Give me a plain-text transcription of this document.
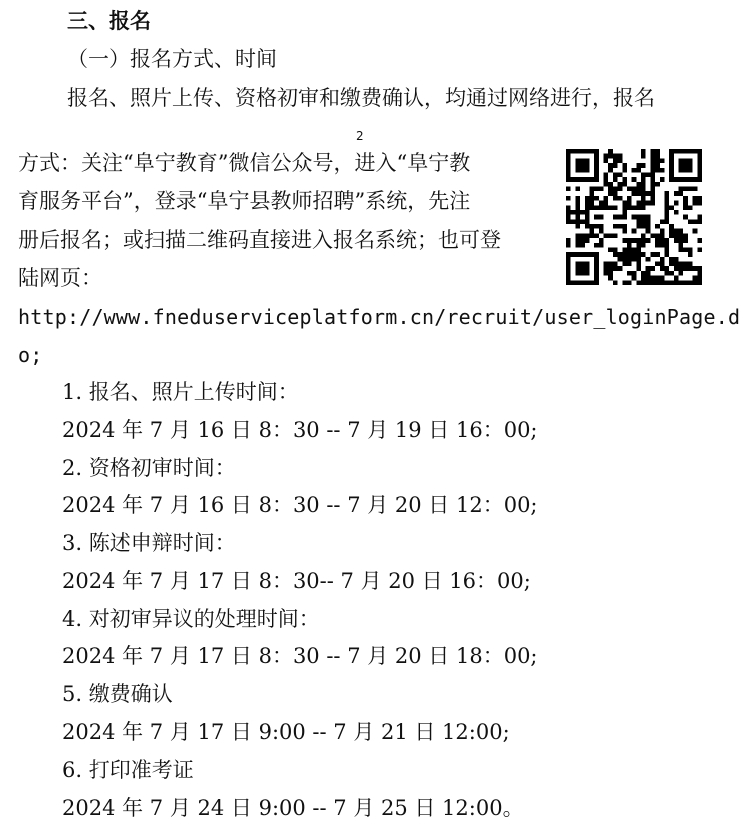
三、报名
（一）报名方式、时间
报名、照片上传、资格初审和缴费确认，均通过网络进行，报名
2
方式：关注“阜宁教育”微信公众号，进入“阜宁教
育服务平台”，登录“阜宁县教师招聘”系统，先注
册后报名；或扫描二维码直接进入报名系统；也可登
陆网页：
http://www.fneduserviceplatform.cn/recruit/user_loginPage.d
o;
1. 报名、照片上传时间：
2024 年 7 月 16 日 8：30 -- 7 月 19 日 16：00;
2. 资格初审时间：
2024 年 7 月 16 日 8：30 -- 7 月 20 日 12：00;
3. 陈述申辩时间：
2024 年 7 月 17 日 8：30-- 7 月 20 日 16：00;
4. 对初审异议的处理时间：
2024 年 7 月 17 日 8：30 -- 7 月 20 日 18：00;
5. 缴费确认
2024 年 7 月 17 日 9:00 -- 7 月 21 日 12:00;
6. 打印准考证
2024 年 7 月 24 日 9:00 -- 7 月 25 日 12:00。
